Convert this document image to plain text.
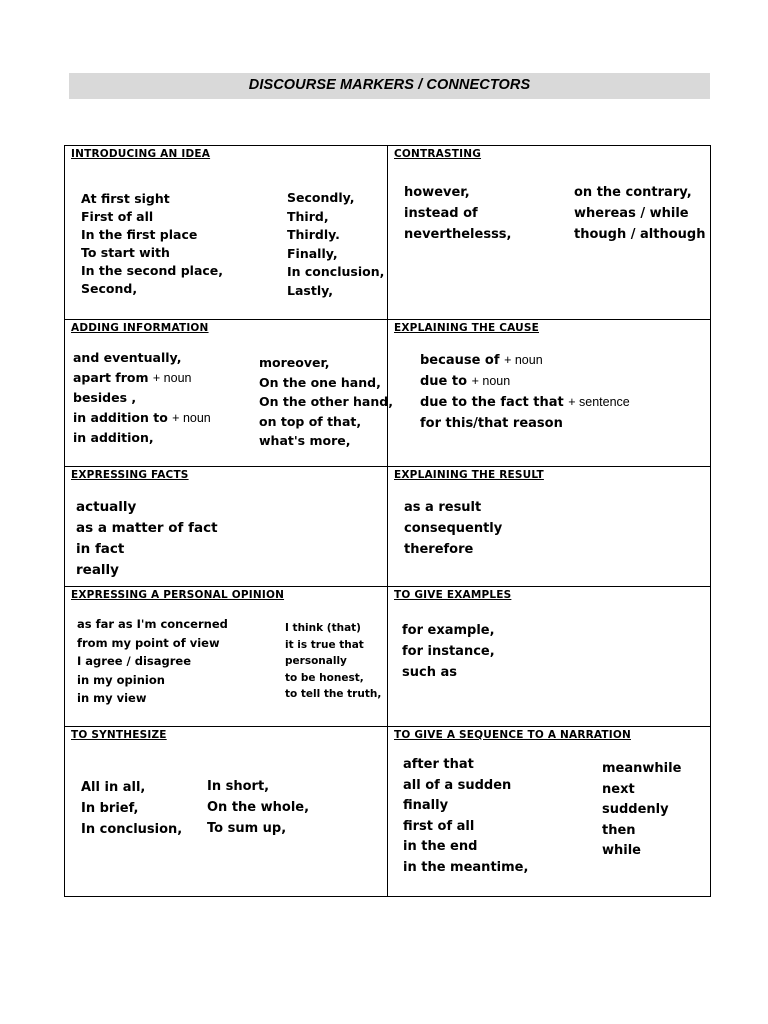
DISCOURSE MARKERS / CONNECTORS
INTRODUCING AN IDEA
At first sight
First of all
In the first place
To start with
In the second place,
Second,
Secondly,
Third,
Thirdly.
Finally,
In conclusion,
Lastly,
CONTRASTING
however,
instead of
neverthelesss,
on the contrary,
whereas / while
though / although
ADDING INFORMATION
and eventually,
apart from + noun
besides ,
in addition to + noun
in addition,
moreover,
On the one hand,
On the other hand,
on top of that,
what's more,
EXPLAINING THE CAUSE
because of + noun
due to + noun
due to the fact that + sentence
for this/that reason
EXPRESSING FACTS
actually
as a matter of fact
in fact
really
EXPLAINING THE RESULT
as a result
consequently
therefore
EXPRESSING A PERSONAL OPINION
as far as I'm concerned
from my point of view
I agree / disagree
in my opinion
in my view
I think (that)
it is true that
personally
to be honest,
to tell the truth,
TO GIVE EXAMPLES
for example,
for instance,
such as
TO SYNTHESIZE
All in all,
In brief,
In conclusion,
In short,
On the whole,
To sum up,
TO GIVE A SEQUENCE TO A NARRATION
after that
all of a sudden
finally
first of all
in the end
in the meantime,
meanwhile
next
suddenly
then
while
